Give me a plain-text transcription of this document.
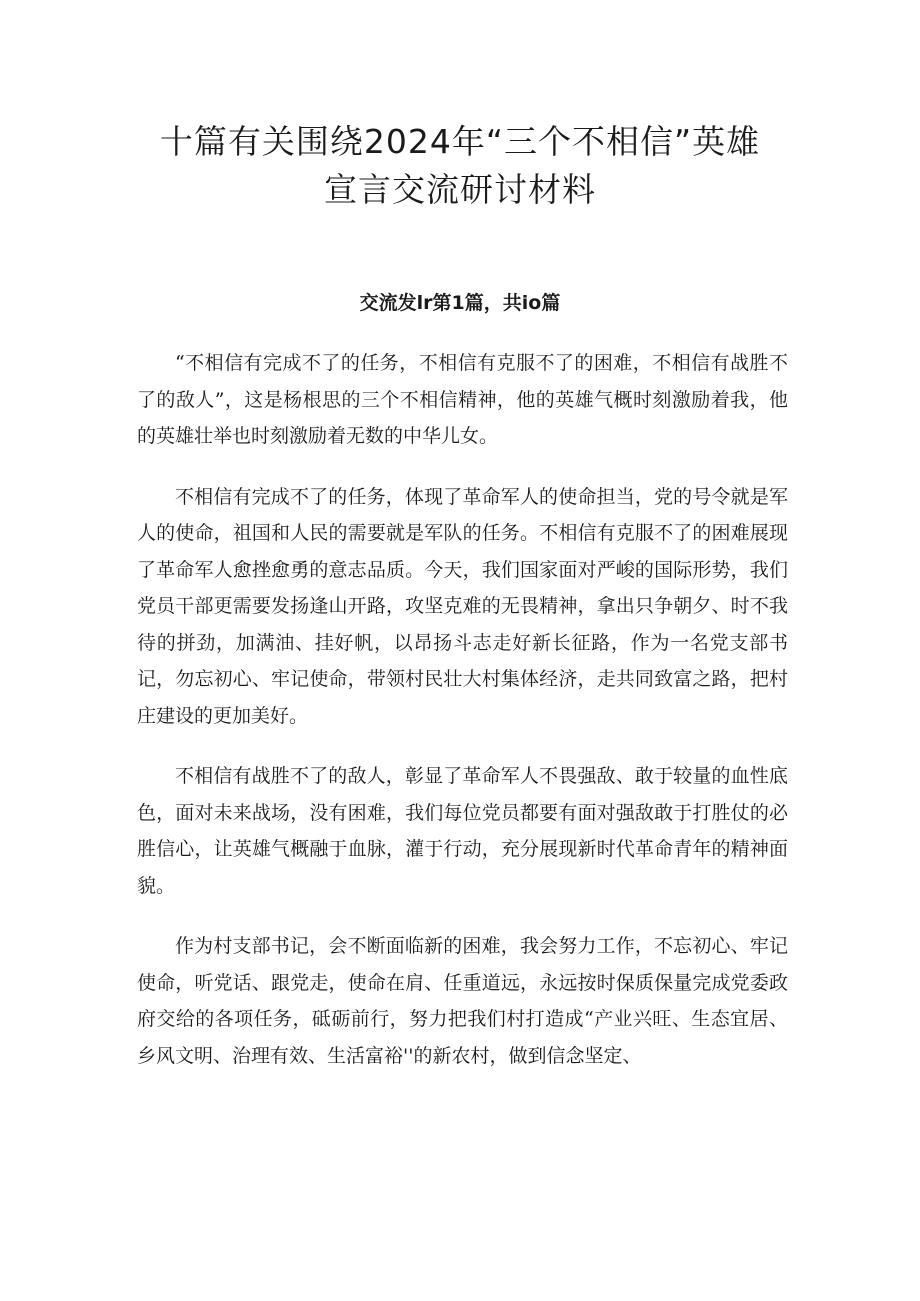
十篇有关围绕2024年“三个不相信”英雄
宣言交流研讨材料
交流发lr第1篇，共io篇

“不相信有完成不了的任务，不相信有克服不了的困难，不相信有战胜不了的敌人”，这是杨根思的三个不相信精神，他的英雄气概时刻激励着我，他的英雄壮举也时刻激励着无数的中华儿女。

不相信有完成不了的任务，体现了革命军人的使命担当，党的号令就是军人的使命，祖国和人民的需要就是军队的任务。不相信有克服不了的困难展现了革命军人愈挫愈勇的意志品质。今天，我们国家面对严峻的国际形势，我们党员干部更需要发扬逢山开路，攻坚克难的无畏精神，拿出只争朝夕、时不我待的拼劲，加满油、挂好帆，以昂扬斗志走好新长征路，作为一名党支部书记，勿忘初心、牢记使命，带领村民壮大村集体经济，走共同致富之路，把村庄建设的更加美好。

不相信有战胜不了的敌人，彰显了革命军人不畏强敌、敢于较量的血性底色，面对未来战场，没有困难，我们每位党员都要有面对强敌敢于打胜仗的必胜信心，让英雄气概融于血脉，灌于行动，充分展现新时代革命青年的精神面貌。

作为村支部书记，会不断面临新的困难，我会努力工作，不忘初心、牢记使命，听党话、跟党走，使命在肩、任重道远，永远按时保质保量完成党委政府交给的各项任务，砥砺前行，努力把我们村打造成“产业兴旺、生态宜居、乡风文明、治理有效、生活富裕''的新农村，做到信念坚定、
